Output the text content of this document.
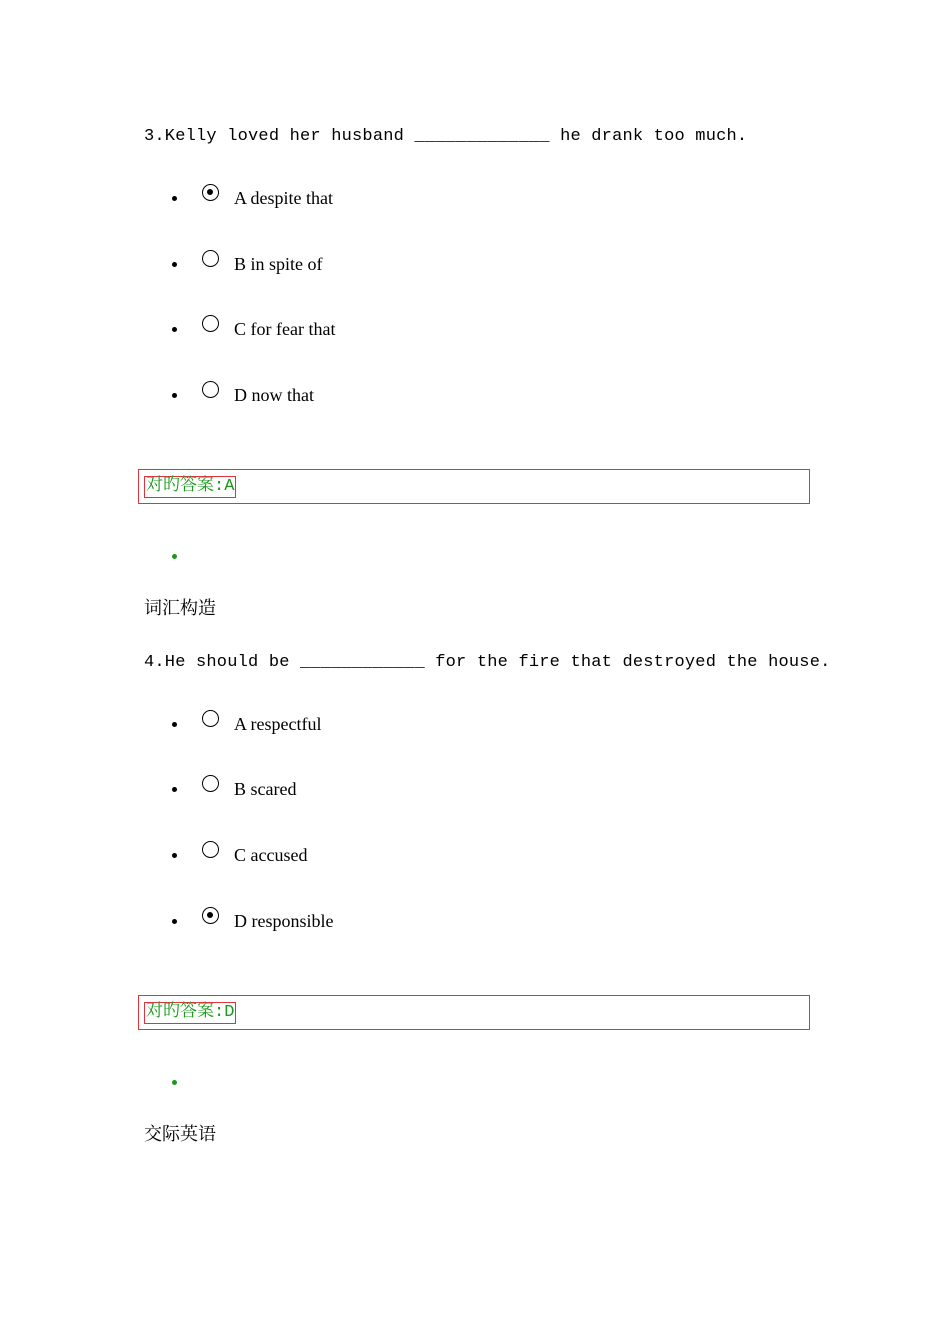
3.Kelly loved her husband _____________ he drank too much.
A despite that
B in spite of
C for fear that
D now that
对旳答案:A
词汇构造
4.He should be ____________ for the fire that destroyed the house.
A respectful
B scared
C accused
D responsible
对旳答案:D
交际英语
